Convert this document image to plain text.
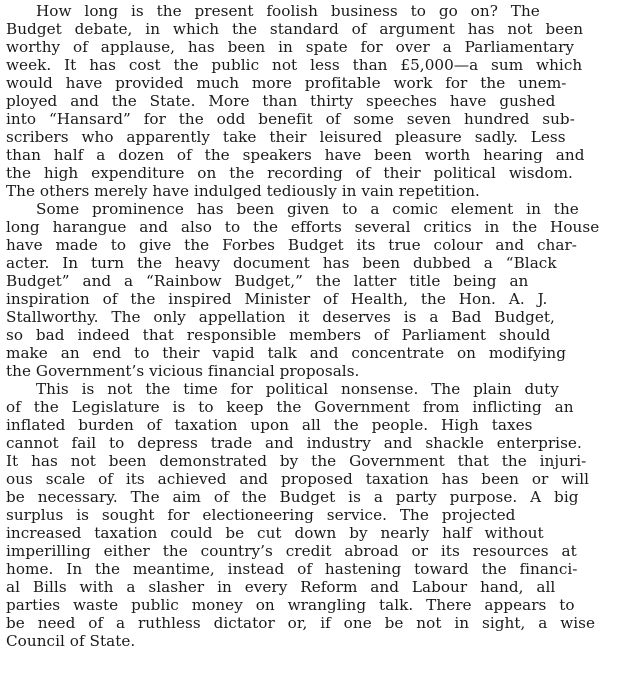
How long is the present foolish business to go on? The
Budget debate, in which the standard of argument has not been
worthy of applause, has been in spate for over a Parliamentary
week. It has cost the public not less than £5,000—a sum which
would have provided much more profitable work for the unem-
ployed and the State. More than thirty speeches have gushed
into “Hansard” for the odd benefit of some seven hundred sub-
scribers who apparently take their leisured pleasure sadly. Less
than half a dozen of the speakers have been worth hearing and
the high expenditure on the recording of their political wisdom.
The others merely have indulged tediously in vain repetition.
Some prominence has been given to a comic element in the
long harangue and also to the efforts several critics in the House
have made to give the Forbes Budget its true colour and char-
acter. In turn the heavy document has been dubbed a “Black
Budget” and a “Rainbow Budget,” the latter title being an
inspiration of the inspired Minister of Health, the Hon. A. J.
Stallworthy. The only appellation it deserves is a Bad Budget,
so bad indeed that responsible members of Parliament should
make an end to their vapid talk and concentrate on modifying
the Government’s vicious financial proposals.
This is not the time for political nonsense. The plain duty
of the Legislature is to keep the Government from inflicting an
inflated burden of taxation upon all the people. High taxes
cannot fail to depress trade and industry and shackle enterprise.
It has not been demonstrated by the Government that the injuri-
ous scale of its achieved and proposed taxation has been or will
be necessary. The aim of the Budget is a party purpose. A big
surplus is sought for electioneering service. The projected
increased taxation could be cut down by nearly half without
imperilling either the country’s credit abroad or its resources at
home. In the meantime, instead of hastening toward the financi-
al Bills with a slasher in every Reform and Labour hand, all
parties waste public money on wrangling talk. There appears to
be need of a ruthless dictator or, if one be not in sight, a wise
Council of State.
